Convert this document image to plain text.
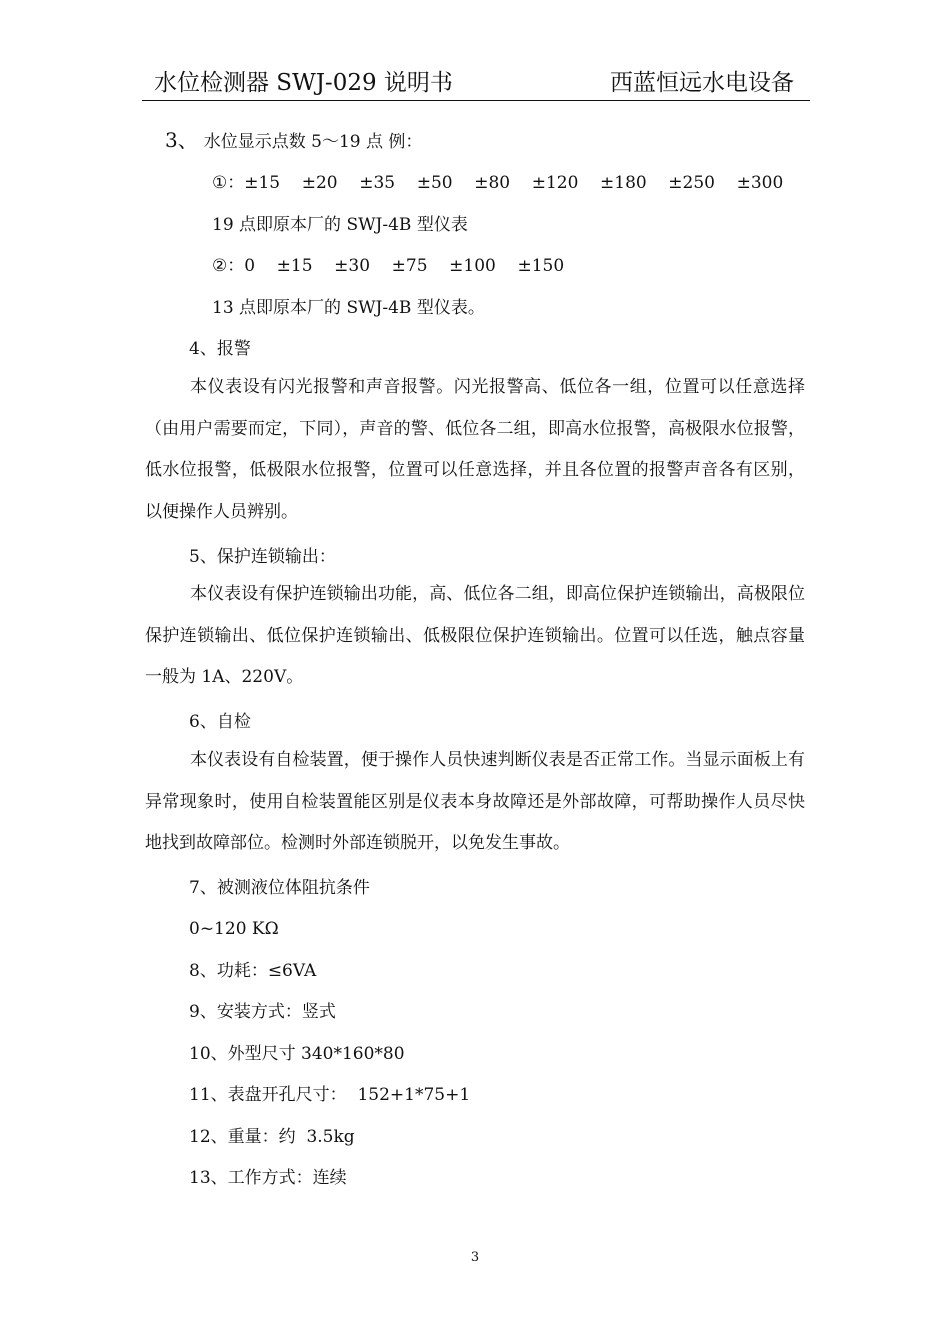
水位检测器 SWJ-029 说明书	西蓝恒远水电设备
3、 水位显示点数 5～19 点 例：
①：±15    ±20    ±35    ±50    ±80    ±120    ±180    ±250    ±300
19 点即原本厂的 SWJ-4B 型仪表
②：0    ±15    ±30    ±75    ±100    ±150
13 点即原本厂的 SWJ-4B 型仪表。
4、报警
本仪表设有闪光报警和声音报警。闪光报警高、低位各一组，位置可以任意选择（由用户需要而定，下同），声音的警、低位各二组，即高水位报警，高极限水位报警，低水位报警，低极限水位报警，位置可以任意选择，并且各位置的报警声音各有区别，以便操作人员辨别。
5、保护连锁输出：
本仪表设有保护连锁输出功能，高、低位各二组，即高位保护连锁输出，高极限位保护连锁输出、低位保护连锁输出、低极限位保护连锁输出。位置可以任选，触点容量一般为 1A、220V。
6、自检
本仪表设有自检装置，便于操作人员快速判断仪表是否正常工作。当显示面板上有异常现象时，使用自检装置能区别是仪表本身故障还是外部故障，可帮助操作人员尽快地找到故障部位。检测时外部连锁脱开，以免发生事故。
7、被测液位体阻抗条件
0~120 KΩ
8、功耗：≤6VA
9、安装方式：竖式
10、外型尺寸 340*160*80
11、表盘开孔尺寸：  152+1*75+1
12、重量：约  3.5kg
13、工作方式：连续
3
